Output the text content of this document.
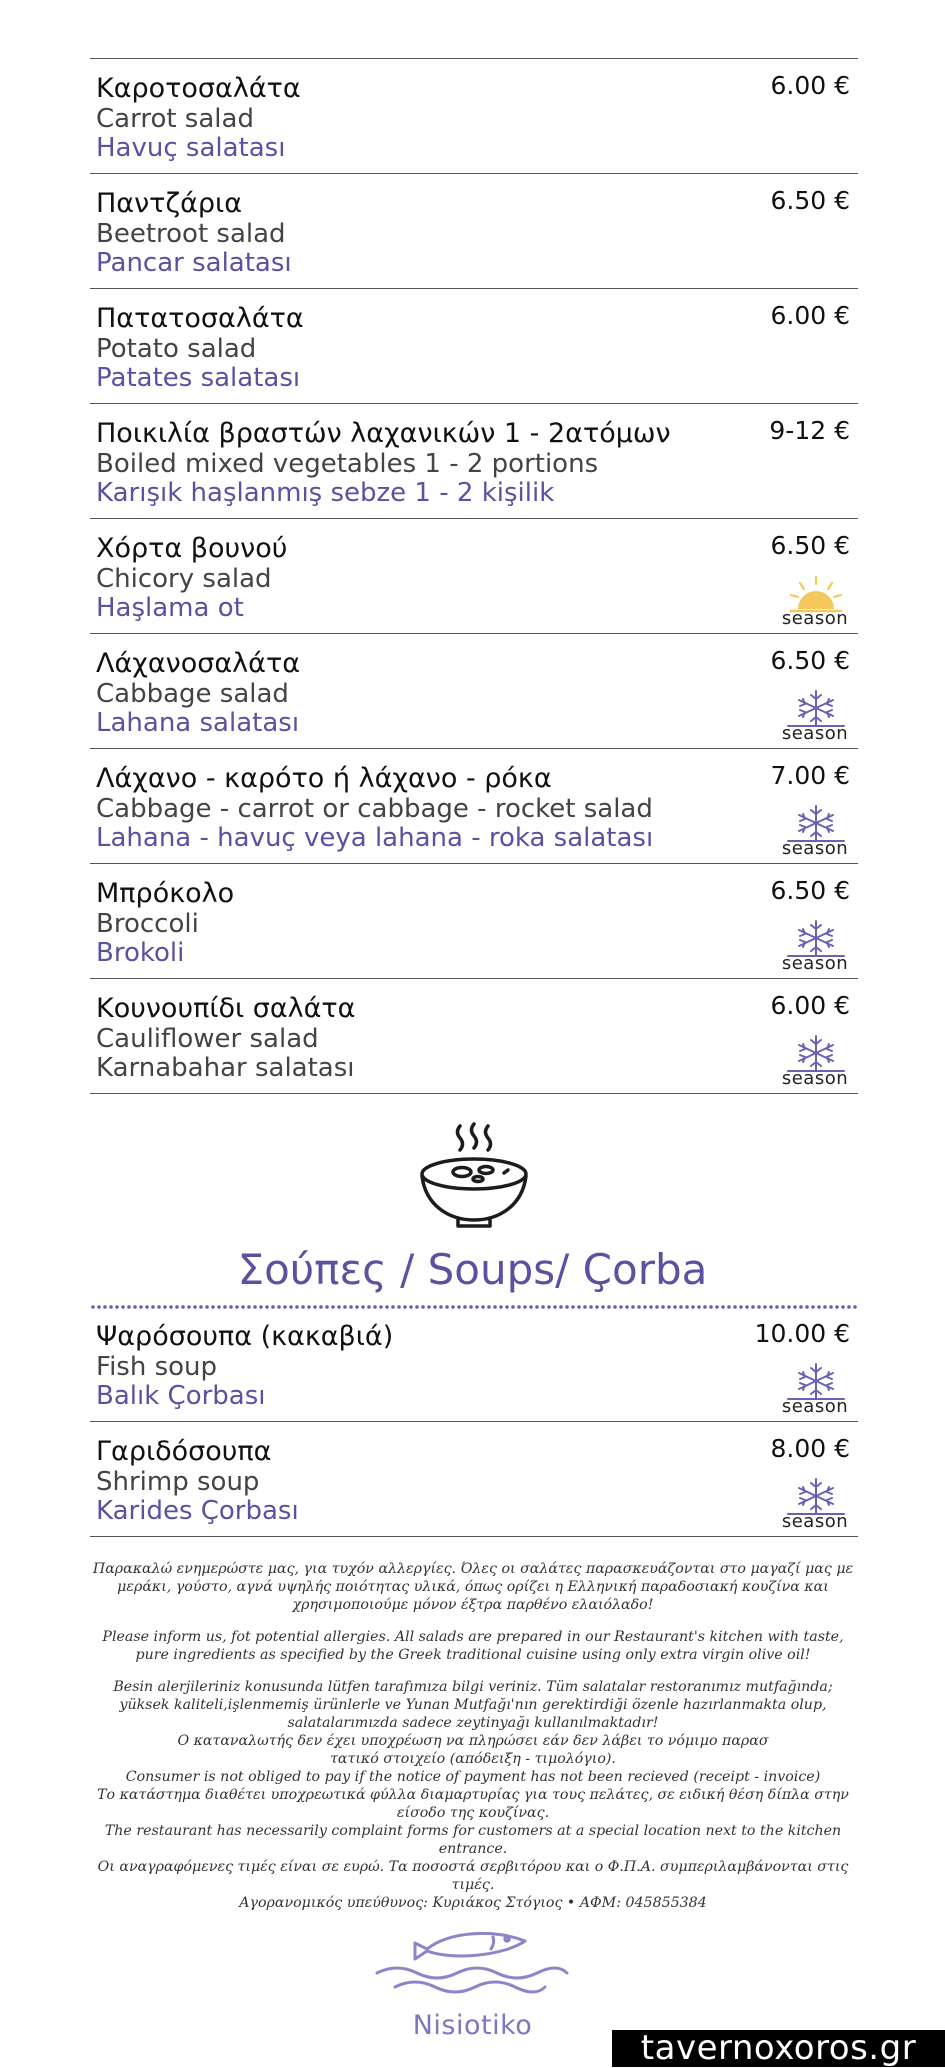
Καροτοσαλάτα
Carrot salad
Havuç salatası
6.00 €
Παντζάρια
Beetroot salad
Pancar salatası
6.50 €
Πατατοσαλάτα
Potato salad
Patates salatası
6.00 €
Ποικιλία βραστών λαχανικών 1 - 2ατόμων
Boiled mixed vegetables 1 - 2 portions
Karışık haşlanmış sebze 1 - 2 kişilik
9-12 €
Χόρτα βουνού
Chicory salad
Haşlama ot
6.50 €
season
Λάχανοσαλάτα
Cabbage salad
Lahana salatası
6.50 €
season
Λάχανο - καρότο ή λάχανο - ρόκα
Cabbage - carrot or cabbage - rocket salad
Lahana - havuç veya lahana - roka salatası
7.00 €
season
Μπρόκολο
Broccoli
Brokoli
6.50 €
season
Κουνουπίδι σαλάτα
Cauliflower salad
Karnabahar salatası
6.00 €
season
Σούπες / Soups/ Çorba
Ψαρόσουπα (κακαβιά)
Fish soup
Balık Çorbası
10.00 €
season
Γαριδόσουπα
Shrimp soup
Karides Çorbası
8.00 €
season

Παρακαλώ ενημερώστε μας, για τυχόν αλλεργίες. Όλες οι σαλάτες παρασκευάζονται στο μαγαζί μας με μεράκι, γούστο, αγνά υψηλής ποιότητας υλικά, όπως ορίζει η Ελληνική παραδοσιακή κουζίνα και χρησιμοποιούμε μόνον έξτρα παρθένο ελαιόλαδο!

Please inform us, fot potential allergies. All salads are prepared in our Restaurant's kitchen with taste, pure ingredients as specified by the Greek traditional cuisine using only extra virgin olive oil!

Besin alerjileriniz konusunda lütfen tarafımıza bilgi veriniz. Tüm salatalar restoranımız mutfağında; yüksek kaliteli,işlenmemiş ürünlerle ve Yunan Mutfağı'nın gerektirdiği özenle hazırlanmakta olup, salatalarımızda sadece zeytinyağı kullanılmaktadır!

Ο καταναλωτής δεν έχει υποχρέωση να πληρώσει εάν δεν λάβει το νόμιμο παρασ

τατικό στοιχείο (απόδειξη - τιμολόγιο).

Consumer is not obliged to pay if the notice of payment has not been recieved (receipt - invoice)

Το κατάστημα διαθέτει υποχρεωτικά φύλλα διαμαρτυρίας για τους πελάτες, σε ειδική θέση δίπλα στην είσοδο της κουζίνας.

The restaurant has necessarily complaint forms for customers at a special location next to the kitchen entrance.

Οι αναγραφόμενες τιμές είναι σε ευρώ. Τα ποσοστά σερβιτόρου και ο Φ.Π.Α. συμπεριλαμβάνονται στις τιμές.

Αγορανομικός υπεύθυνος: Κυριάκος Στόγιος • ΑΦΜ: 045855384

Nisiotiko
tavernoxoros.gr
